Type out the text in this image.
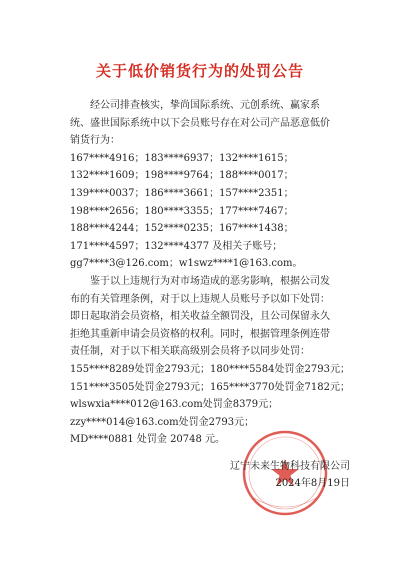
关于低价销货行为的处罚公告

经公司排查核实，挚尚国际系统、元创系统、赢家系统、盛世国际系统中以下会员账号存在对公司产品恶意低价销货行为：

167****4916；183****6937；132****1615；
132****1609；198****9764；188****0017；
139****0037；186****3661；157****2351；
198****2656；180****3355；177****7467；
188****4244；152****0235；167****1438；
171****4597；132****4377 及相关子账号；
gg7****3@126.com；w1swz****1@163.com。

鉴于以上违规行为对市场造成的恶劣影响，根据公司发布的有关管理条例，对于以上违规人员账号予以如下处罚：即日起取消会员资格，相关收益全额罚没，且公司保留永久拒绝其重新申请会员资格的权利。同时，根据管理条例连带责任制，对于以下相关联高级别会员将予以同步处罚：

155****8289处罚金2793元；180****5584处罚金2793元；
151****3505处罚金2793元；165****3770处罚金7182元；
wlswxia****012@163.com处罚金8379元；
zzy****014@163.com处罚金2793元；
MD****0881 处罚金 20748 元。
辽宁未来生物科技有限公司
2024年8月19日
